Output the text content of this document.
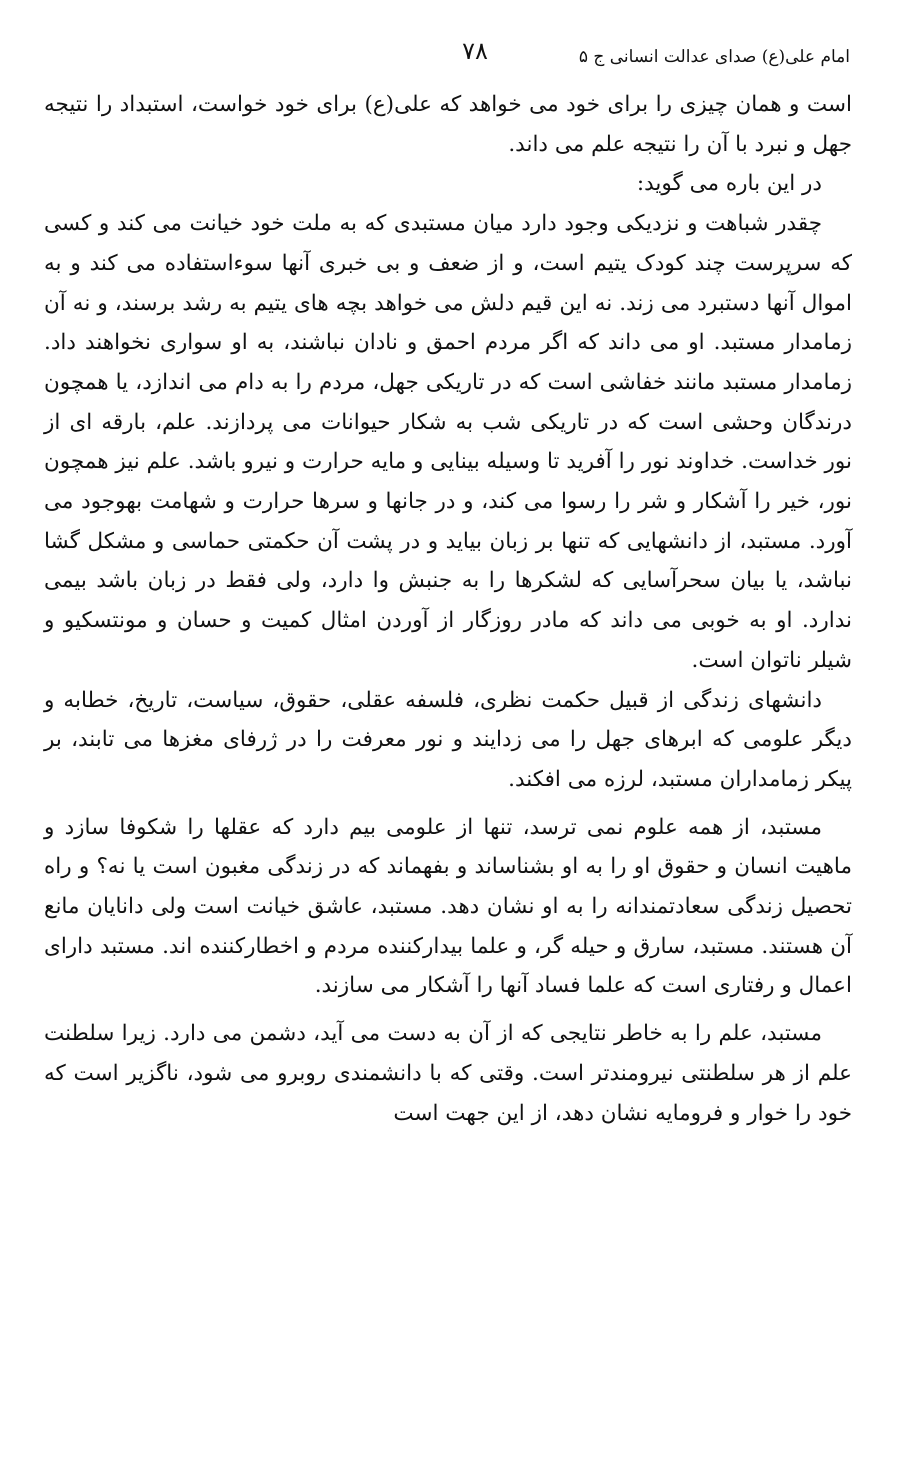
۷۸	امام علی(ع) صدای عدالت انسانی ج ۵

است و همان چیزی را برای خود می خواهد که علی(ع) برای خود خواست، استبداد را نتیجه جهل و نبرد با آن را نتیجه علم می داند.

در این باره می گوید:

چقدر شباهت و نزدیکی وجود دارد میان مستبدی که به ملت خود خیانت می کند و کسی که سرپرست چند کودک یتیم است، و از ضعف و بی خبری آنها سوءاستفاده می کند و به اموال آنها دستبرد می زند. نه این قیم دلش می خواهد بچه های یتیم به رشد برسند، و نه آن زمامدار مستبد. او می داند که اگر مردم احمق و نادان نباشند، به او سواری نخواهند داد. زمامدار مستبد مانند خفاشی است که در تاریکی جهل، مردم را به دام می اندازد، یا همچون درندگان وحشی است که در تاریکی شب به شکار حیوانات می پردازند. علم، بارقه ای از نور خداست. خداوند نور را آفرید تا وسیله بینایی و مایه حرارت و نیرو باشد. علم نیز همچون نور، خیر را آشکار و شر را رسوا می کند، و در جانها و سرها حرارت و شهامت بهوجود می آورد. مستبد، از دانشهایی که تنها بر زبان بیاید و در پشت آن حکمتی حماسی و مشکل گشا نباشد، یا بیان سحرآسایی که لشکرها را به جنبش وا دارد، ولی فقط در زبان باشد بیمی ندارد. او به خوبی می داند که مادر روزگار از آوردن امثال کمیت و حسان و مونتسکیو و شیلر ناتوان است.

دانشهای زندگی از قبیل حکمت نظری، فلسفه عقلی، حقوق، سیاست، تاریخ، خطابه و دیگر علومی که ابرهای جهل را می زدایند و نور معرفت را در ژرفای مغزها می تابند، بر پیکر زمامداران مستبد، لرزه می افکند.

مستبد، از همه علوم نمی ترسد، تنها از علومی بیم دارد که عقلها را شکوفا سازد و ماهیت انسان و حقوق او را به او بشناساند و بفهماند که در زندگی مغبون است یا نه؟ و راه تحصیل زندگی سعادتمندانه را به او نشان دهد. مستبد، عاشق خیانت است ولی دانایان مانع آن هستند. مستبد، سارق و حیله گر، و علما بیدارکننده مردم و اخطارکننده اند. مستبد دارای اعمال و رفتاری است که علما فساد آنها را آشکار می سازند.

مستبد، علم را به خاطر نتایجی که از آن به دست می آید، دشمن می دارد. زیرا سلطنت علم از هر سلطنتی نیرومندتر است. وقتی که با دانشمندی روبرو می شود، ناگزیر است که خود را خوار و فرومایه نشان دهد، از این جهت است
